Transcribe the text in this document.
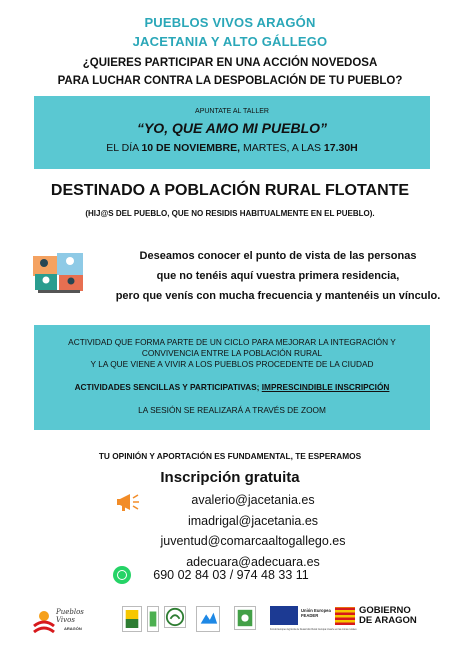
PUEBLOS VIVOS ARAGÓN
JACETANIA Y ALTO GÁLLEGO
¿QUIERES PARTICIPAR EN UNA ACCIÓN NOVEDOSA
PARA LUCHAR CONTRA LA DESPOBLACIÓN DE TU PUEBLO?
APUNTATE AL TALLER
“YO, QUE AMO MI PUEBLO”
EL DÍA 10 DE NOVIEMBRE, MARTES, A LAS 17.30H
DESTINADO A POBLACIÓN RURAL FLOTANTE
(HIJ@S DEL PUEBLO, QUE NO RESIDIS HABITUALMENTE EN EL PUEBLO).
Deseamos conocer el punto de vista de las personas
que no tenéis aquí vuestra primera residencia,
pero que venís con mucha frecuencia y mantenéis un vínculo.
ACTIVIDAD QUE FORMA PARTE DE UN CICLO PARA MEJORAR LA INTEGRACIÓN Y
CONVIVENCIA ENTRE LA POBLACIÓN RURAL
Y LA QUE VIENE A VIVIR A LOS PUEBLOS PROCEDENTE DE LA CIUDAD
ACTIVIDADES SENCILLAS Y PARTICIPATIVAS; IMPRESCINDIBLE INSCRIPCIÓN
LA SESIÓN SE REALIZARÁ A TRAVÉS DE ZOOM
TU OPINIÓN Y APORTACIÓN ES FUNDAMENTAL, TE ESPERAMOS
Inscripción gratuita
avalerio@jacetania.es
imadrigal@jacetania.es
juventud@comarcaaltogallego.es
adecuara@adecuara.es
690 02 84 03 / 974 48 33 11
Pueblos Vivos
ARAGÓN
Unión Europea
FEADER
Fondo Europeo Agrícola de Desarrollo Rural: Europa invierte en las zonas rurales
GOBIERNO
DE ARAGON
